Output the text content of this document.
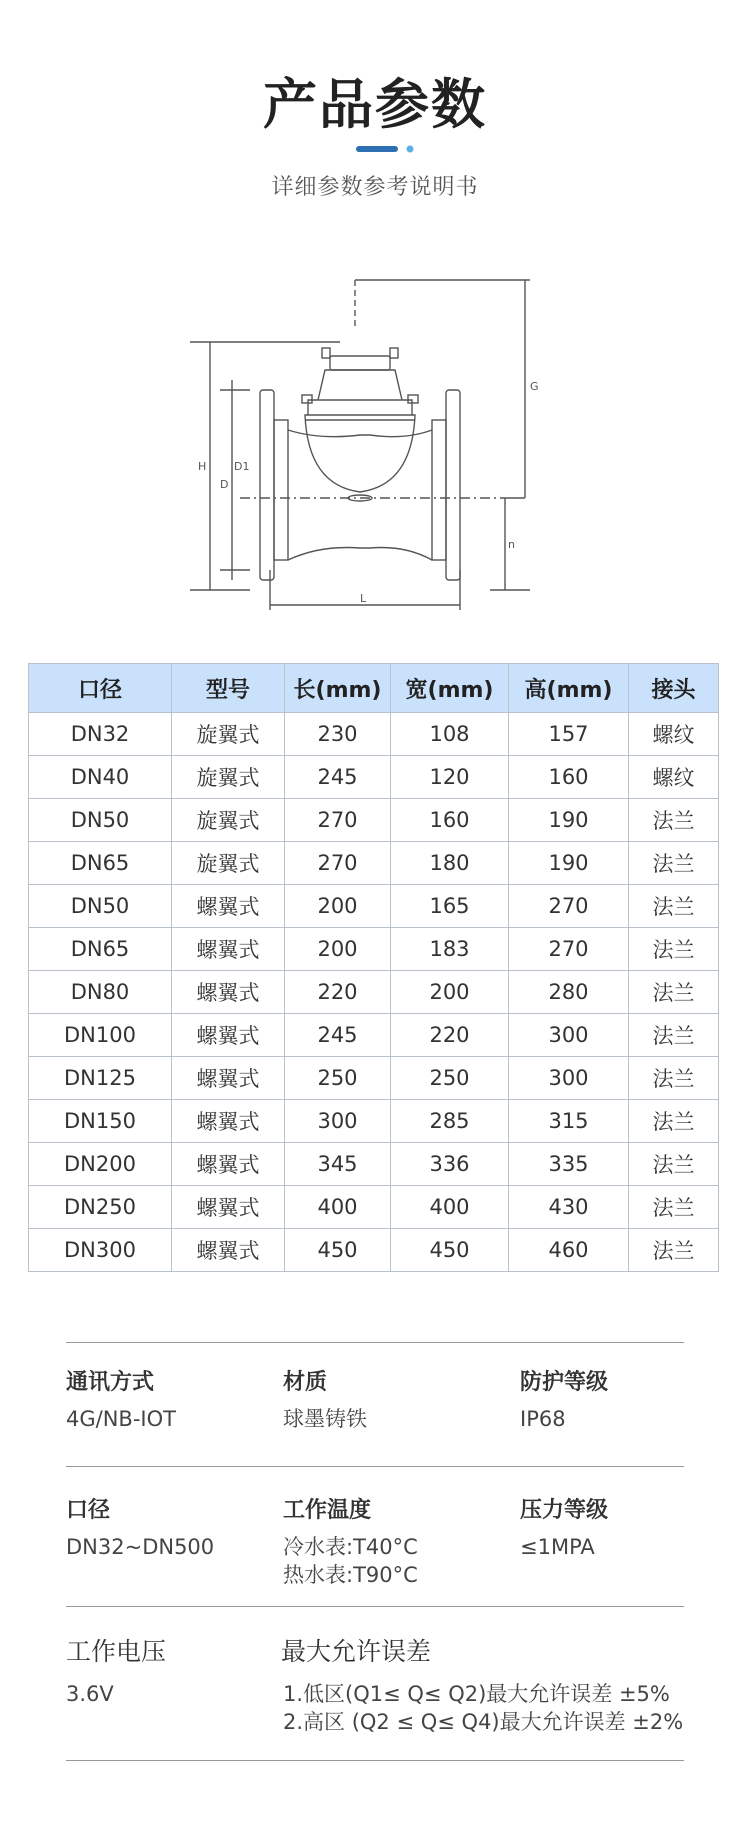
产品参数
详细参数参考说明书
G
H
D
D1
n
L
口径	型号	长(mm)	宽(mm)	高(mm)	接头
DN32	旋翼式	230	108	157	螺纹
DN40	旋翼式	245	120	160	螺纹
DN50	旋翼式	270	160	190	法兰
DN65	旋翼式	270	180	190	法兰
DN50	螺翼式	200	165	270	法兰
DN65	螺翼式	200	183	270	法兰
DN80	螺翼式	220	200	280	法兰
DN100	螺翼式	245	220	300	法兰
DN125	螺翼式	250	250	300	法兰
DN150	螺翼式	300	285	315	法兰
DN200	螺翼式	345	336	335	法兰
DN250	螺翼式	400	400	430	法兰
DN300	螺翼式	450	450	460	法兰
通讯方式
4G/NB-IOT
材质
球墨铸铁
防护等级
IP68
口径
DN32~DN500
工作温度
冷水表:T40°C
热水表:T90°C
压力等级
≤1MPA
工作电压
3.6V
最大允许误差
1.低区(Q1≤ Q≤ Q2)最大允许误差 ±5%
2.高区 (Q2 ≤ Q≤ Q4)最大允许误差 ±2%
